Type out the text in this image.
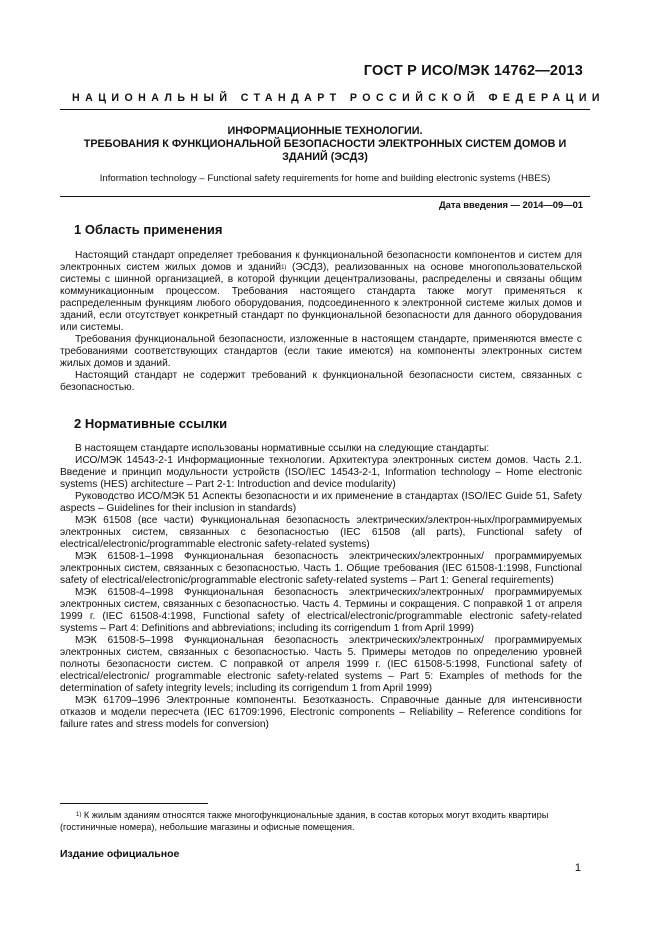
ГОСТ Р ИСО/МЭК 14762—2013
НАЦИОНАЛЬНЫЙ СТАНДАРТ РОССИЙСКОЙ ФЕДЕРАЦИИ
ИНФОРМАЦИОННЫЕ ТЕХНОЛОГИИ.
ТРЕБОВАНИЯ К ФУНКЦИОНАЛЬНОЙ БЕЗОПАСНОСТИ ЭЛЕКТРОННЫХ СИСТЕМ ДОМОВ И
ЗДАНИЙ (ЭСДЗ)
Information technology – Functional safety requirements for home and building electronic systems (HBES)
Дата введения — 2014—09—01
1 Область применения

Настоящий стандарт определяет требования к функциональной безопасности компонентов и систем для электронных систем жилых домов и зданий$^{1)}$ (ЭСДЗ), реализованных на основе многопользовательской системы с шинной организацией, в которой функции децентрализованы, распределены и связаны общим коммуникационным процессом. Требования настоящего стандарта также могут применяться к распределенным функциям любого оборудования, подсоединенного к электронной системе жилых домов и зданий, если отсутствует конкретный стандарт по функциональной безопасности для данного оборудования или системы.

Требования функциональной безопасности, изложенные в настоящем стандарте, применяются вместе с требованиями соответствующих стандартов (если такие имеются) на компоненты электронных систем жилых домов и зданий.

Настоящий стандарт не содержит требований к функциональной безопасности систем, связанных с безопасностью.

2 Нормативные ссылки

В настоящем стандарте использованы нормативные ссылки на следующие стандарты:

ИСО/МЭК 14543-2-1 Информационные технологии. Архитектура электронных систем домов. Часть 2.1. Введение и принцип модульности устройств (ISO/IEC 14543-2-1, Information technology – Home electronic systems (HES) architecture – Part 2-1: Introduction and device modularity)

Руководство ИСО/МЭК 51 Аспекты безопасности и их применение в стандартах (ISO/IEC Guide 51, Safety aspects – Guidelines for their inclusion in standards)

МЭК 61508 (все части) Функциональная безопасность электрических/электрон-ных/программируемых электронных систем, связанных с безопасностью (IEC 61508 (all parts), Functional safety of electrical/electronic/programmable electronic safety-related systems)

МЭК 61508-1–1998 Функциональная безопасность электрических/электронных/ программируемых электронных систем, связанных с безопасностью. Часть 1. Общие требования (IEC 61508-1:1998, Functional safety of electrical/electronic/programmable electronic safety-related systems – Part 1: General requirements)

МЭК 61508-4–1998 Функциональная безопасность электрических/электронных/ программируемых электронных систем, связанных с безопасностью. Часть 4. Термины и сокращения. С поправкой 1 от апреля 1999 г. (IEC 61508-4:1998, Functional safety of electrical/electronic/programmable electronic safety-related systems – Part 4: Definitions and abbreviations; including its corrigendum 1 from April 1999)

МЭК 61508-5–1998 Функциональная безопасность электрических/электронных/ программируемых электронных систем, связанных с безопасностью. Часть 5. Примеры методов по определению уровней полноты безопасности систем. С поправкой от апреля 1999 г. (IEC 61508-5:1998, Functional safety of electrical/electronic/ programmable electronic safety-related systems – Part 5: Examples of methods for the determination of safety integrity levels; including its corrigendum 1 from April 1999)

МЭК 61709–1996 Электронные компоненты. Безотказность. Справочные данные для интенсивности отказов и модели пересчета (IEC 61709:1996, Electronic components – Reliability – Reference conditions for failure rates and stress models for conversion)

$^{1)}$ К жилым зданиям относятся также многофункциональные здания, в состав которых могут входить квартиры (гостиничные номера), небольшие магазины и офисные помещения.
Издание официальное
1
